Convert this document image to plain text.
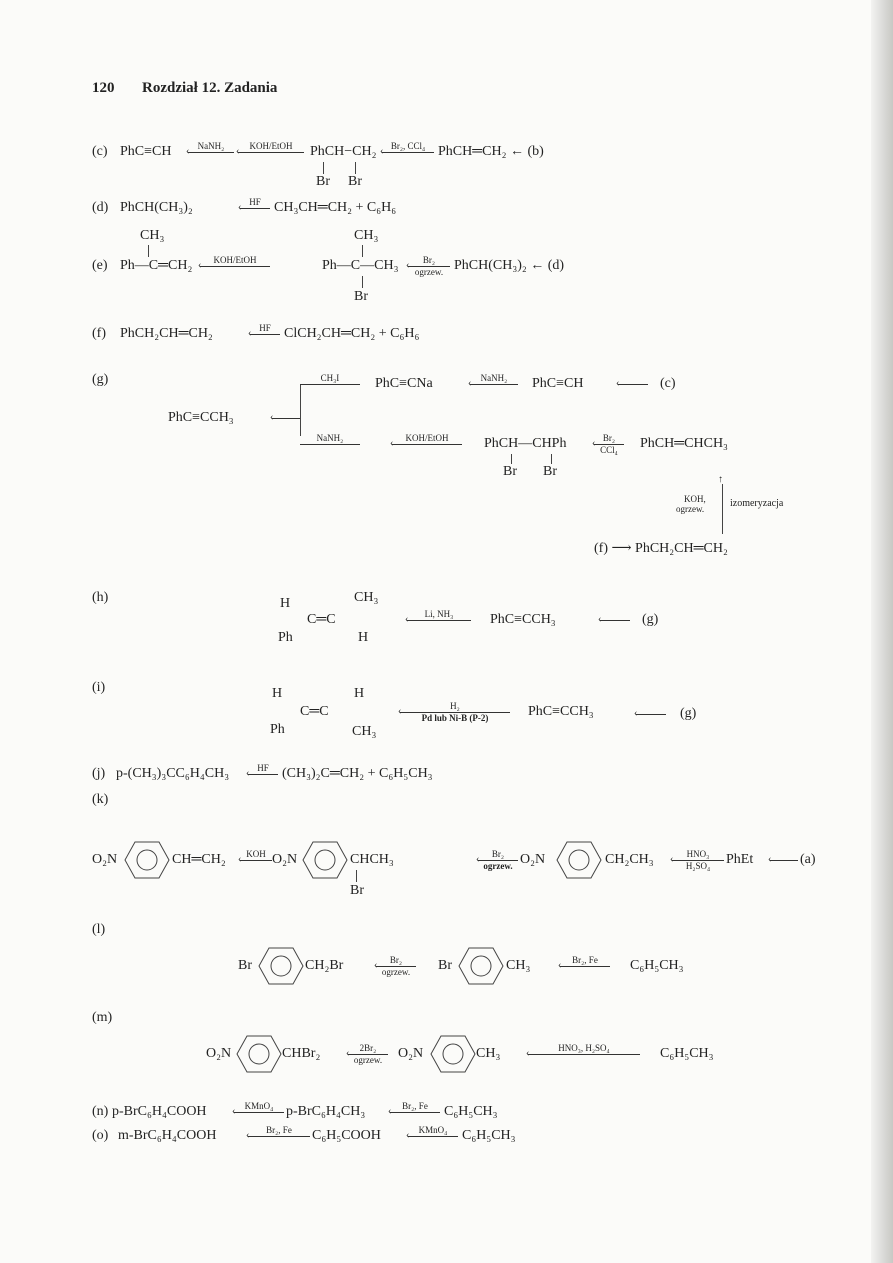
120 Rozdział 12. Zadania
(c) PhC≡CH ‹ NaNH₂	‹	KOH/EtOH	PhCH−CH₂
Br Br
‹ Br₂, CCl₄ PhCH═CH₂ ← (b)
(d) PhCH(CH₃)₂	‹ HF CH₃CH═CH₂ + C₆H₆
CH₃
(e) Ph—C═CH₂ ‹	KOH/EtOH
CH₃
Ph—C—CH₃
Br
‹	Br₂
ogrzew. PhCH(CH₃)₂ ← (d)
(f) PhCH₂CH═CH₂	‹ HF ClCH₂CH═CH₂ + C₆H₆
(g)
PhC≡CCH₃	‹
CH₃I	PhC≡CNa	‹	NaNH₂	PhC≡CH	‹	(c)
NaNH₂	‹	KOH/EtOH	PhCH—CHPh
Br Br
‹ Br₂
CCl₄	PhCH═CHCH₃
↑
KOH,
ogrzew.	izomeryzacja
(f) ⟶ PhCH₂CH═CH₂
(h)	H	CH₃
C═C
Ph	H
‹	Li, NH₃	PhC≡CCH₃	‹	(g)
(i)	H	H
C═C
Ph	CH₃
‹	H₂
Pd lub Ni-B (P-2)	PhC≡CCH₃	‹	(g)
(j) p-(CH₃)₃CC₆H₄CH₃ ‹ HF (CH₃)₂C═CH₂ + C₆H₅CH₃
(k)
O₂N	CH═CH₂ ‹ KOH O₂N	CHCH₃
Br
‹	Br₂
ogrzew. O₂N	CH₂CH₃ ‹	HNO₃
H₂SO₄	PhEt ‹ (a)
(l)
Br	CH₂Br	‹	Br₂
ogrzew.	Br	CH₃	‹	Br₂, Fe	C₆H₅CH₃
(m)
O₂N	CHBr₂	‹	2Br₂
ogrzew.	O₂N	CH₃	‹	HNO₃, H₂SO₄	C₆H₅CH₃
(n) p-BrC₆H₄COOH	‹	KMnO₄ p-BrC₆H₄CH₃ ‹	Br₂, Fe	C₆H₅CH₃
(o) m-BrC₆H₄COOH	‹	Br₂, Fe	C₆H₅COOH	‹	KMnO₄	C₆H₅CH₃
